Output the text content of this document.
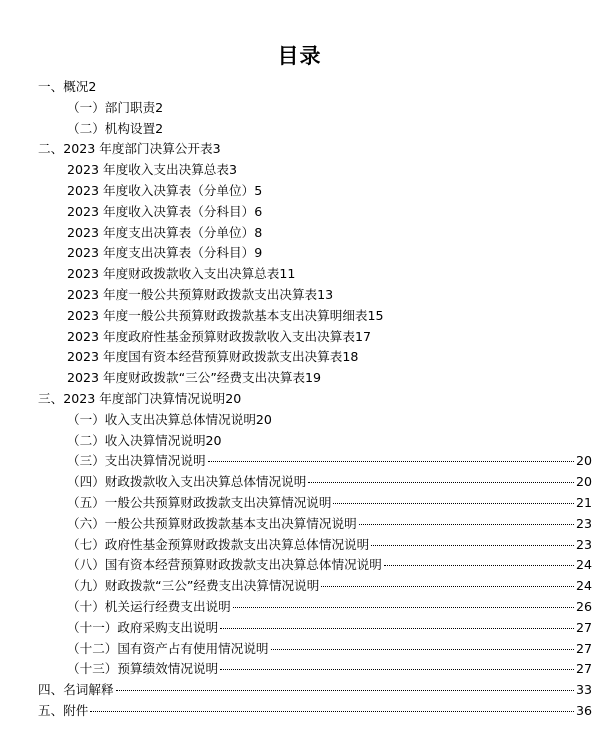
目录
一、概况 2
（一）部门职责 2
（二）机构设置 2
二、2023 年度部门决算公开表 3
2023 年度收入支出决算总表 3
2023 年度收入决算表（分单位） 5
2023 年度收入决算表（分科目） 6
2023 年度支出决算表（分单位） 8
2023 年度支出决算表（分科目） 9
2023 年度财政拨款收入支出决算总表 11
2023 年度一般公共预算财政拨款支出决算表 13
2023 年度一般公共预算财政拨款基本支出决算明细表 15
2023 年度政府性基金预算财政拨款收入支出决算表 17
2023 年度国有资本经营预算财政拨款支出决算表 18
2023 年度财政拨款“三公”经费支出决算表 19
三、2023 年度部门决算情况说明 20
（一）收入支出决算总体情况说明 20
（二）收入决算情况说明 20
（三）支出决算情况说明	20
（四）财政拨款收入支出决算总体情况说明	20
（五）一般公共预算财政拨款支出决算情况说明	21
（六）一般公共预算财政拨款基本支出决算情况说明	23
（七）政府性基金预算财政拨款支出决算总体情况说明	23
（八）国有资本经营预算财政拨款支出决算总体情况说明	24
（九）财政拨款“三公”经费支出决算情况说明	24
（十）机关运行经费支出说明	26
（十一）政府采购支出说明	27
（十二）国有资产占有使用情况说明	27
（十三）预算绩效情况说明	27
四、名词解释	33
五、附件	36
